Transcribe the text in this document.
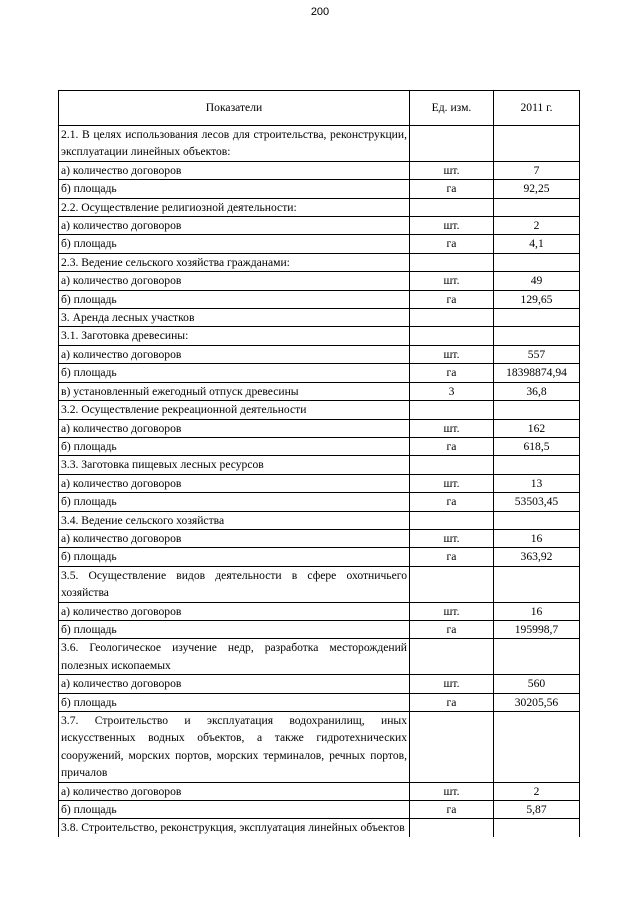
200
Показатели	Ед. изм.	2011 г.
2.1. В целях использования лесов для строительства, реконструкции, эксплуатации линейных объектов:		
а) количество договоров	шт.	7
б) площадь	га	92,25
2.2. Осуществление религиозной деятельности:		
а) количество договоров	шт.	2
б) площадь	га	4,1
2.3. Ведение сельского хозяйства гражданами:		
а) количество договоров	шт.	49
б) площадь	га	129,65
3. Аренда лесных участков		
3.1. Заготовка древесины:		
а) количество договоров	шт.	557
б) площадь	га	18398874,94
в) установленный ежегодный отпуск древесины	3	36,8
3.2. Осуществление рекреационной деятельности		
а) количество договоров	шт.	162
б) площадь	га	618,5
3.3. Заготовка пищевых лесных ресурсов		
а) количество договоров	шт.	13
б) площадь	га	53503,45
3.4. Ведение сельского хозяйства		
а) количество договоров	шт.	16
б) площадь	га	363,92
3.5. Осуществление видов деятельности в сфере охотничьего хозяйства		
а) количество договоров	шт.	16
б) площадь	га	195998,7
3.6. Геологическое изучение недр, разработка месторождений полезных ископаемых		
а) количество договоров	шт.	560
б) площадь	га	30205,56
3.7. Строительство и эксплуатация водохранилищ, иных искусственных водных объектов, а также гидротехнических сооружений, морских портов, морских терминалов, речных портов, причалов		
а) количество договоров	шт.	2
б) площадь	га	5,87
3.8. Строительство, реконструкция, эксплуатация линейных объектов		
